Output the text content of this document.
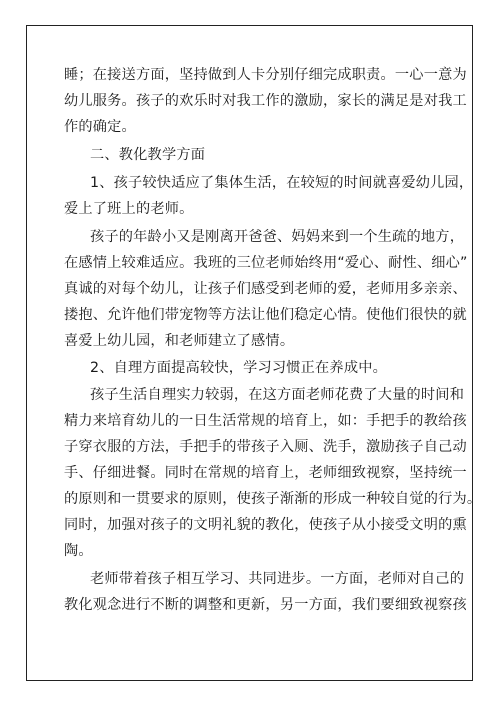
睡；在接送方面，坚持做到人卡分别仔细完成职责。一心一意为
幼儿服务。孩子的欢乐时对我工作的激励，家长的满足是对我工
作的确定。
二、教化教学方面
1、孩子较快适应了集体生活，在较短的时间就喜爱幼儿园，
爱上了班上的老师。
孩子的年龄小又是刚离开爸爸、妈妈来到一个生疏的地方，
在感情上较难适应。我班的三位老师始终用“爱心、耐性、细心”
真诚的对每个幼儿，让孩子们感受到老师的爱，老师用多亲亲、
搂抱、允许他们带宠物等方法让他们稳定心情。使他们很快的就
喜爱上幼儿园，和老师建立了感情。
2、自理方面提高较快，学习习惯正在养成中。
孩子生活自理实力较弱，在这方面老师花费了大量的时间和
精力来培育幼儿的一日生活常规的培育上，如：手把手的教给孩
子穿衣服的方法，手把手的带孩子入厕、洗手，激励孩子自己动
手、仔细进餐。同时在常规的培育上，老师细致视察，坚持统一
的原则和一贯要求的原则，使孩子渐渐的形成一种较自觉的行为。
同时，加强对孩子的文明礼貌的教化，使孩子从小接受文明的熏
陶。
老师带着孩子相互学习、共同进步。一方面，老师对自己的
教化观念进行不断的调整和更新，另一方面，我们要细致视察孩
